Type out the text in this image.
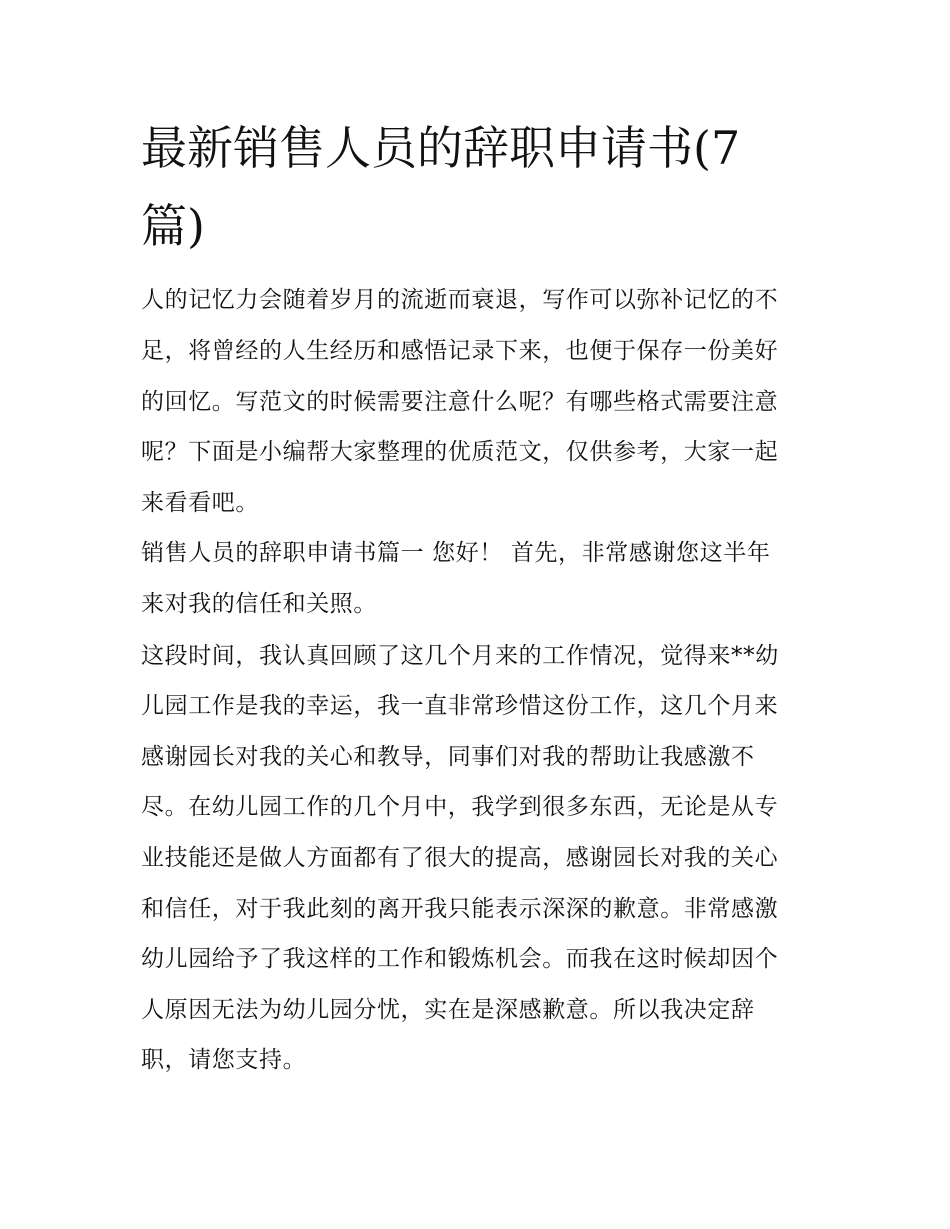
最新销售人员的辞职申请书(7
篇)

人的记忆力会随着岁月的流逝而衰退，写作可以弥补记忆的不

足，将曾经的人生经历和感悟记录下来，也便于保存一份美好

的回忆。写范文的时候需要注意什么呢？有哪些格式需要注意

呢？下面是小编帮大家整理的优质范文，仅供参考，大家一起

来看看吧。

销售人员的辞职申请书篇一 您好！ 首先，非常感谢您这半年

来对我的信任和关照。

这段时间，我认真回顾了这几个月来的工作情况，觉得来**幼

儿园工作是我的幸运，我一直非常珍惜这份工作，这几个月来

感谢园长对我的关心和教导，同事们对我的帮助让我感激不

尽。在幼儿园工作的几个月中，我学到很多东西，无论是从专

业技能还是做人方面都有了很大的提高，感谢园长对我的关心

和信任，对于我此刻的离开我只能表示深深的歉意。非常感激

幼儿园给予了我这样的工作和锻炼机会。而我在这时候却因个

人原因无法为幼儿园分忧，实在是深感歉意。所以我决定辞

职，请您支持。
